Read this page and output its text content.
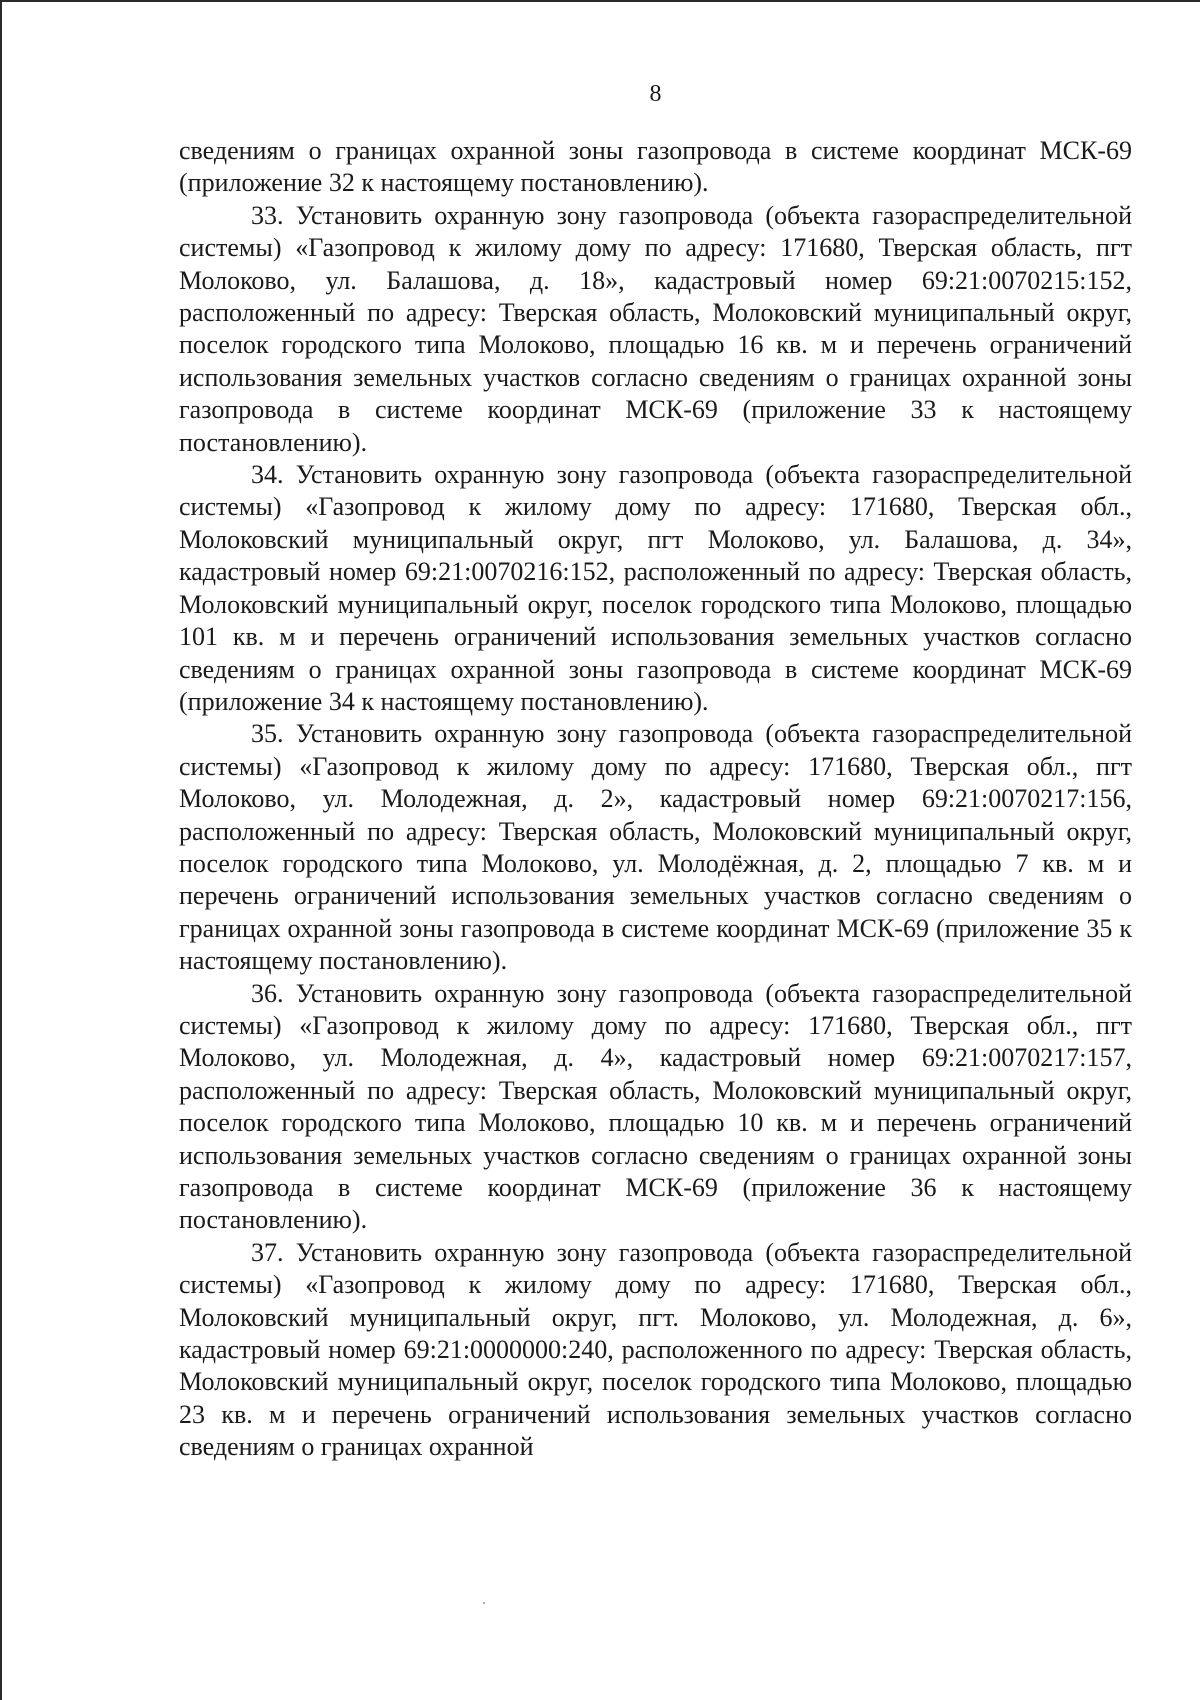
8

сведениям о границах охранной зоны газопровода в системе координат МСК-69 (приложение 32 к настоящему постановлению).

33. Установить охранную зону газопровода (объекта газораспределительной системы) «Газопровод к жилому дому по адресу: 171680, Тверская область, пгт Молоково, ул. Балашова, д. 18», кадастровый номер 69:21:0070215:152, расположенный по адресу: Тверская область, Молоковский муниципальный округ, поселок городского типа Молоково, площадью 16 кв. м и перечень ограничений использования земельных участков согласно сведениям о границах охранной зоны газопровода в системе координат МСК-69 (приложение 33 к настоящему постановлению).

34. Установить охранную зону газопровода (объекта газораспределительной системы) «Газопровод к жилому дому по адресу: 171680, Тверская обл., Молоковский муниципальный округ, пгт Молоково, ул. Балашова, д. 34», кадастровый номер 69:21:0070216:152, расположенный по адресу: Тверская область, Молоковский муниципальный округ, поселок городского типа Молоково, площадью 101 кв. м и перечень ограничений использования земельных участков согласно сведениям о границах охранной зоны газопровода в системе координат МСК-69 (приложение 34 к настоящему постановлению).

35. Установить охранную зону газопровода (объекта газораспределительной системы) «Газопровод к жилому дому по адресу: 171680, Тверская обл., пгт Молоково, ул. Молодежная, д. 2», кадастровый номер 69:21:0070217:156, расположенный по адресу: Тверская область, Молоковский муниципальный округ, поселок городского типа Молоково, ул. Молодёжная, д. 2, площадью 7 кв. м и перечень ограничений использования земельных участков согласно сведениям о границах охранной зоны газопровода в системе координат МСК-69 (приложение 35 к настоящему постановлению).

36. Установить охранную зону газопровода (объекта газораспределительной системы) «Газопровод к жилому дому по адресу: 171680, Тверская обл., пгт Молоково, ул. Молодежная, д. 4», кадастровый номер 69:21:0070217:157, расположенный по адресу: Тверская область, Молоковский муниципальный округ, поселок городского типа Молоково, площадью 10 кв. м и перечень ограничений использования земельных участков согласно сведениям о границах охранной зоны газопровода в системе координат МСК-69 (приложение 36 к настоящему постановлению).

37. Установить охранную зону газопровода (объекта газораспределительной системы) «Газопровод к жилому дому по адресу: 171680, Тверская обл., Молоковский муниципальный округ, пгт. Молоково, ул. Молодежная, д. 6», кадастровый номер 69:21:0000000:240, расположенного по адресу: Тверская область, Молоковский муниципальный округ, поселок городского типа Молоково, площадью 23 кв. м и перечень ограничений использования земельных участков согласно сведениям о границах охранной
